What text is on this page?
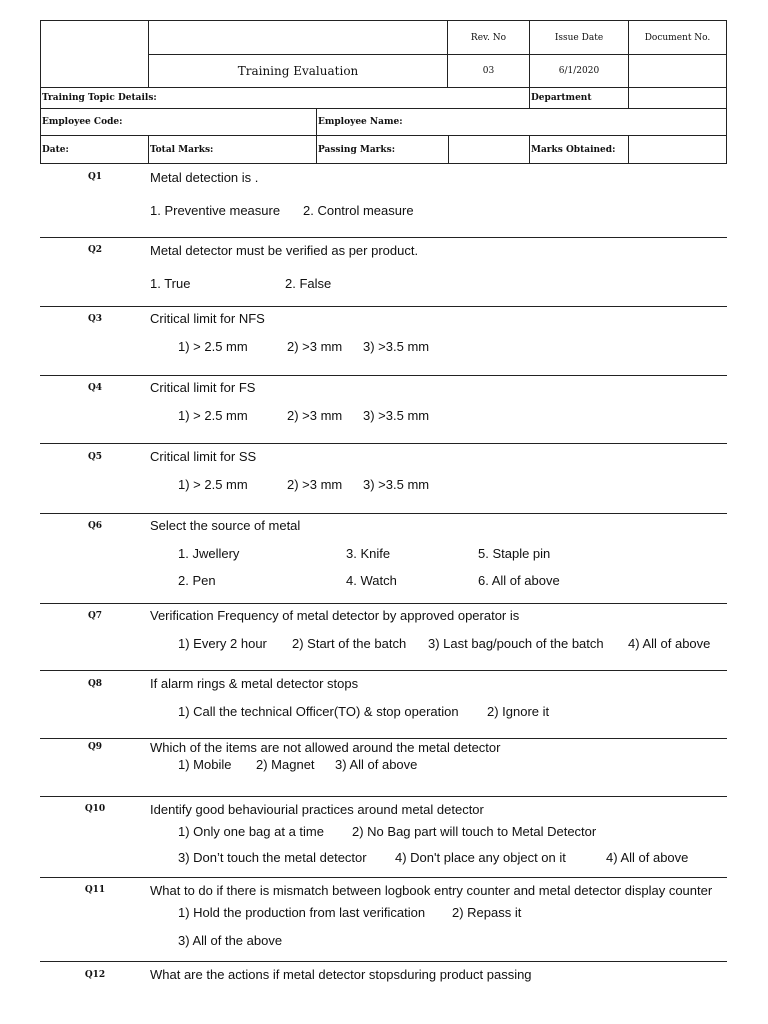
Rev. No	Issue Date	Document No.
Training Evaluation	03	6/1/2020
Training Topic Details:	Department
Employee Code:	Employee Name:
Date:	Total Marks:	Passing Marks:	Marks Obtained:
Q1	Metal detection is .
1. Preventive measure 2. Control measure
Q2	Metal detector must be verified as per product.
1. True	2. False
Q3	Critical limit for NFS
1) > 2.5 mm	2) >3 mm 3) >3.5 mm
Q4	Critical limit for FS
1) > 2.5 mm	2) >3 mm 3) >3.5 mm
Q5	Critical limit for SS
1) > 2.5 mm	2) >3 mm 3) >3.5 mm
Q6	Select the source of metal
1. Jwellery	3. Knife	5. Staple pin
2. Pen	4. Watch	6. All of above
Q7	Verification Frequency of metal detector by approved operator is
1) Every 2 hour 2) Start of the batch 3) Last bag/pouch of the batch 4) All of above
Q8	If alarm rings & metal detector stops
1) Call the technical Officer(TO) & stop operation 2) Ignore it
Q9	Which of the items are not allowed around the metal detector
1) Mobile 2) Magnet 3) All of above
Q10	Identify good behaviourial practices around metal detector
1) Only one bag at a time 2) No Bag part will touch to Metal Detector
3) Don’t touch the metal detector 4) Don't place any object on it	4) All of above
Q11	What to do if there is mismatch between logbook entry counter and metal detector display counter
1) Hold the production from last verification 2) Repass it
3) All of the above
Q12	What are the actions if metal detector stopsduring product passing
